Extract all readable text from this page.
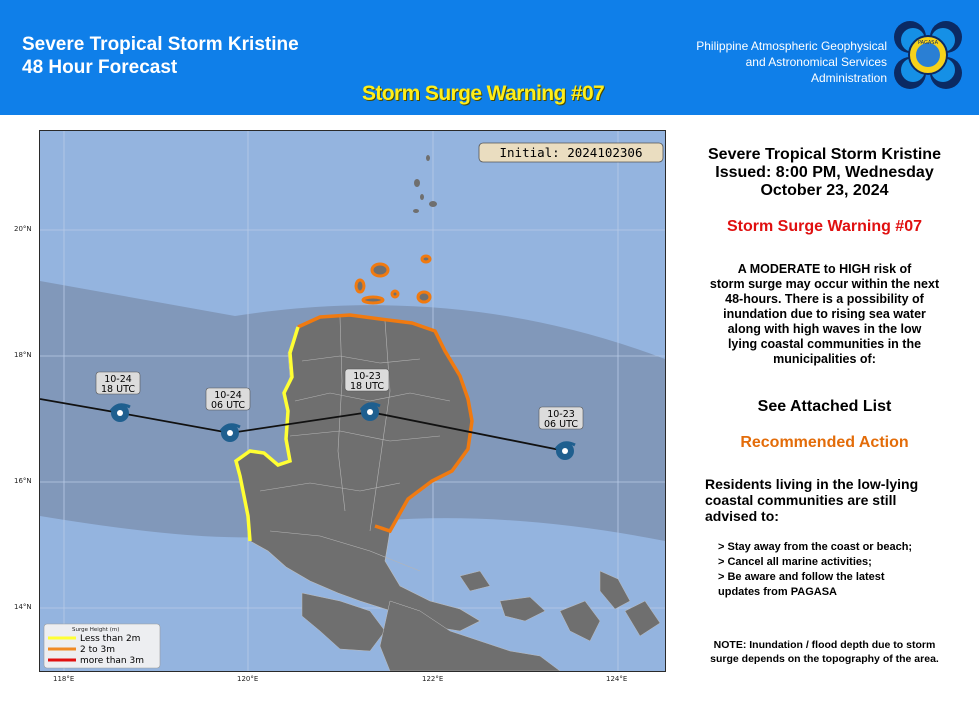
Severe Tropical Storm Kristine
48 Hour Forecast
Storm Surge Warning #07
Philippine Atmospheric Geophysical
and Astronomical Services
Administration
PAGASA
10-24
18 UTC
10-24
06 UTC
10-23
18 UTC
10-23
06 UTC
Initial: 2024102306
Surge Height (m)
Less than 2m
2 to 3m
more than 3m
20°N
18°N
16°N
14°N
118°E	120°E	122°E	124°E
Severe Tropical Storm Kristine
Issued: 8:00 PM, Wednesday
October 23, 2024
Storm Surge Warning #07
A MODERATE to HIGH risk of
storm surge may occur within the next
48-hours. There is a possibility of
inundation due to rising sea water
along with high waves in the low
lying coastal communities in the
municipalities of:
See Attached List
Recommended Action
Residents living in the low-lying
coastal communities are still
advised to:
> Stay away from the coast or beach;
> Cancel all marine activities;
> Be aware and follow the latest
updates from PAGASA
NOTE: Inundation / flood depth due to storm
surge depends on the topography of the area.
